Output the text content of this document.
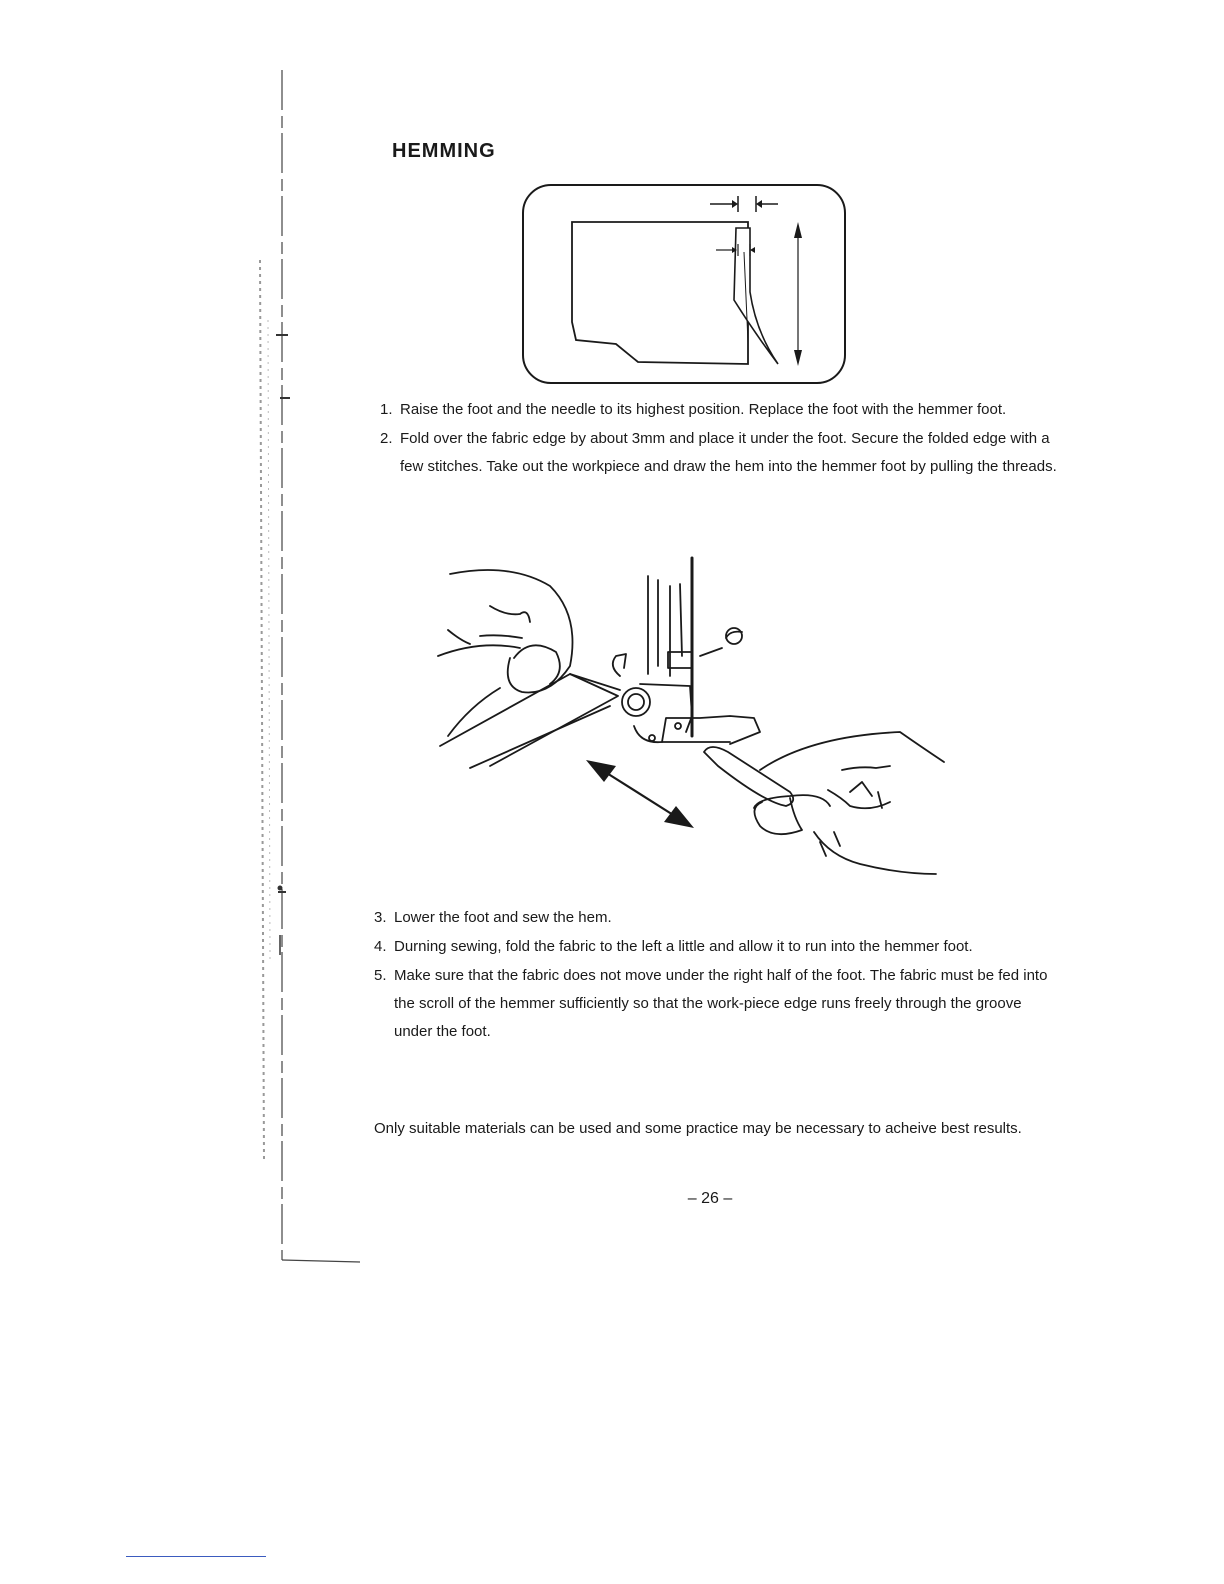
HEMMING
1. Raise the foot and the needle to its highest position. Replace the foot with the hemmer foot.
2. Fold over the fabric edge by about 3mm and place it under the foot. Secure the folded edge with a few stitches. Take out the workpiece and draw the hem into the hemmer foot by pulling the threads.
3. Lower the foot and sew the hem.
4. Durning sewing, fold the fabric to the left a little and allow it to run into the hemmer foot.
5. Make sure that the fabric does not move under the right half of the foot. The fabric must be fed into the scroll of the hemmer sufficiently so that the work-piece edge runs freely through the groove under the foot.

Only suitable materials can be used and some practice may be necessary to acheive best results.

– 26 –
